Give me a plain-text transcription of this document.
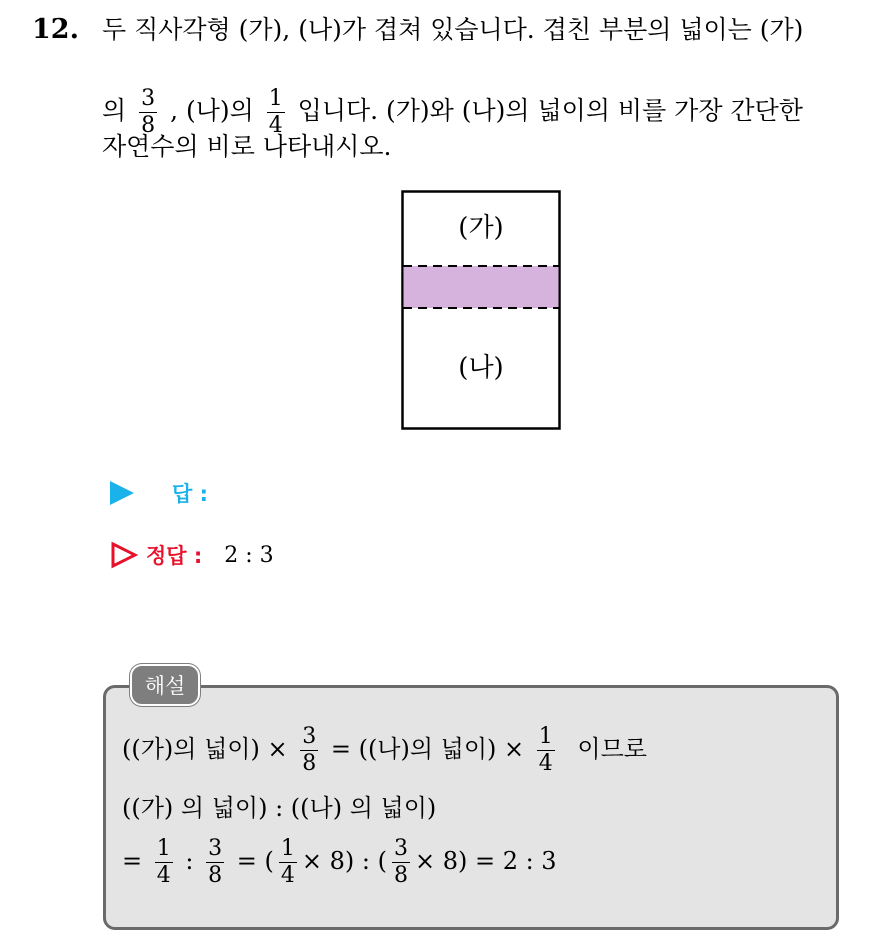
12. 두 직사각형 (가), (나)가 겹쳐 있습니다. 겹친 부분의 넓이는 (가)
의 $\frac{3}{8}$ , (나)의 $\frac{1}{4}$ 입니다. (가)와 (나)의 넓이의 비를 가장 간단한
자연수의 비로 나타내시오.
(가)
(나)
답 :
정답 : 2 : 3
해설
((가)의 넓이) × $\frac{3}{8}$ = ((나)의 넓이) × $\frac{1}{4}$ 이므로
((가) 의 넓이) : ((나) 의 넓이)
= $\frac{1}{4}$ : $\frac{3}{8}$ = ( $\frac{1}{4} \times 8$) : ( $\frac{3}{8} \times 8) = 2$ : 3
